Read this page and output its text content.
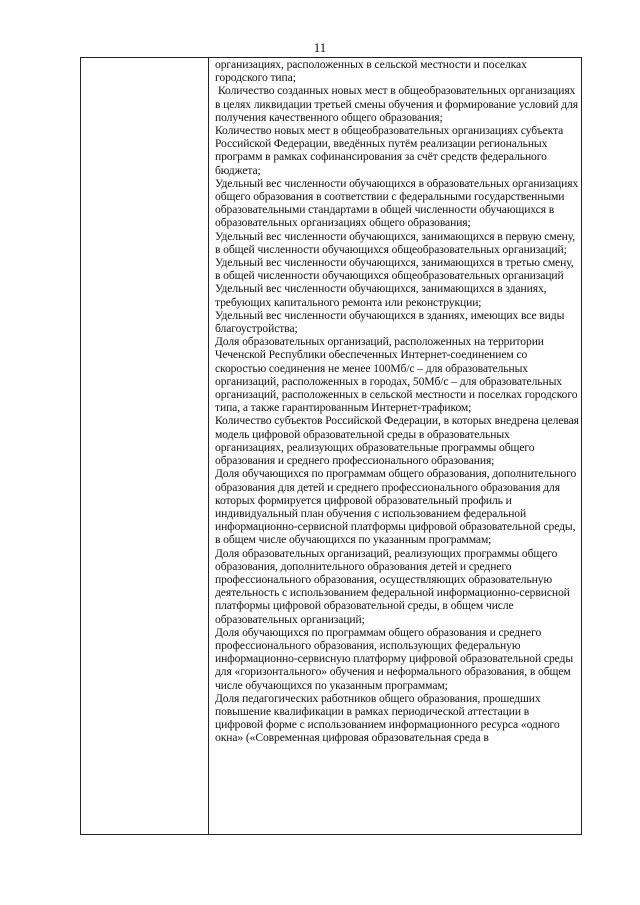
11

организациях, расположенных в сельской местности и поселках городского типа;

Количество созданных новых мест в общеобразовательных организациях в целях ликвидации третьей смены обучения и формирование условий для получения качественного общего образования;

Количество новых мест в общеобразовательных организациях субъекта Российской Федерации, введённых путём реализации региональных программ в рамках софинансирования за счёт средств федерального бюджета;

Удельный вес численности обучающихся в образовательных организациях общего образования в соответствии с федеральными государственными образовательными стандартами в общей численности обучающихся в образовательных организациях общего образования;

Удельный вес численности обучающихся, занимающихся в первую смену, в общей численности обучающихся общеобразовательных организаций;

Удельный вес численности обучающихся, занимающихся в третью смену, в общей численности обучающихся общеобразовательных организаций

Удельный вес численности обучающихся, занимающихся в зданиях, требующих капитального ремонта или реконструкции;

Удельный вес численности обучающихся в зданиях, имеющих все виды благоустройства;

Доля образовательных организаций, расположенных на территории Чеченской Республики обеспеченных Интернет-соединением со скоростью соединения не менее 100Мб/с – для образовательных организаций, расположенных в городах, 50Мб/с – для образовательных организаций, расположенных в сельской местности и поселках городского типа, а также гарантированным Интернет-трафиком;

Количество субъектов Российской Федерации, в которых внедрена целевая модель цифровой образовательной среды в образовательных организациях, реализующих образовательные программы общего образования и среднего профессионального образования;

Доля обучающихся по программам общего образования, дополнительного образования для детей и среднего профессионального образования для которых формируется цифровой образовательный профиль и индивидуальный план обучения с использованием федеральной информационно-сервисной платформы цифровой образовательной среды, в общем числе обучающихся по указанным программам;

Доля образовательных организаций, реализующих программы общего образования, дополнительного образования детей и среднего профессионального образования, осуществляющих образовательную деятельность с использованием федеральной информационно-сервисной платформы цифровой образовательной среды, в общем числе образовательных организаций;

Доля обучающихся по программам общего образования и среднего профессионального образования, использующих федеральную информационно-сервисную платформу цифровой образовательной среды для «горизонтального» обучения и неформального образования, в общем числе обучающихся по указанным программам;

Доля педагогических работников общего образования, прошедших повышение квалификации в рамках периодической аттестации в цифровой форме с использованием информационного ресурса «одного окна» («Современная цифровая образовательная среда в
